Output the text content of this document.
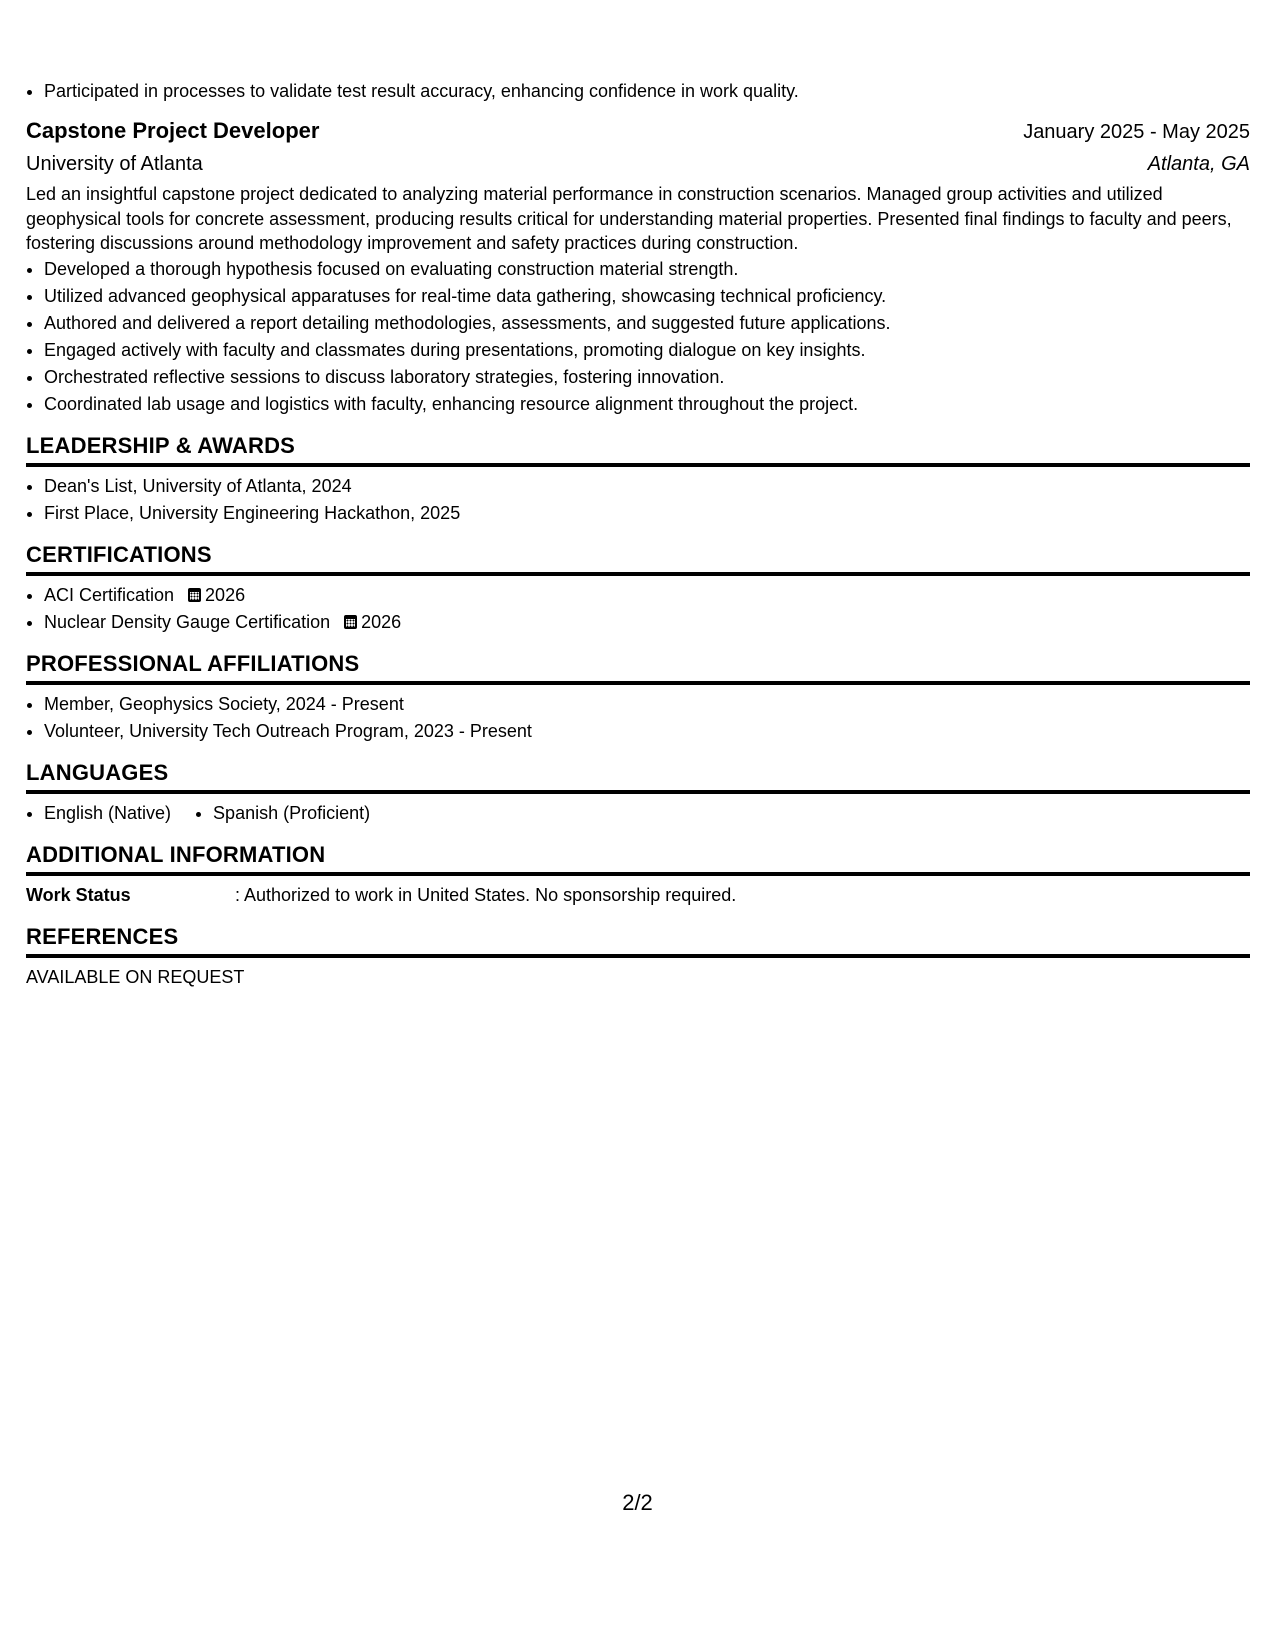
• Participated in processes to validate test result accuracy, enhancing confidence in work quality.
Capstone Project Developer	January 2025 - May 2025
University of Atlanta	Atlanta, GA
Led an insightful capstone project dedicated to analyzing material performance in construction scenarios. Managed group activities and utilized geophysical tools for concrete assessment, producing results critical for understanding material properties. Presented final findings to faculty and peers, fostering discussions around methodology improvement and safety practices during construction.
• Developed a thorough hypothesis focused on evaluating construction material strength.
• Utilized advanced geophysical apparatuses for real-time data gathering, showcasing technical proficiency.
• Authored and delivered a report detailing methodologies, assessments, and suggested future applications.
• Engaged actively with faculty and classmates during presentations, promoting dialogue on key insights.
• Orchestrated reflective sessions to discuss laboratory strategies, fostering innovation.
• Coordinated lab usage and logistics with faculty, enhancing resource alignment throughout the project.
LEADERSHIP & AWARDS
• Dean's List, University of Atlanta, 2024
• First Place, University Engineering Hackathon, 2025
CERTIFICATIONS
• ACI Certification 2026
• Nuclear Density Gauge Certification 2026
PROFESSIONAL AFFILIATIONS
• Member, Geophysics Society, 2024 - Present
• Volunteer, University Tech Outreach Program, 2023 - Present
LANGUAGES
• English (Native)
• Spanish (Proficient)
ADDITIONAL INFORMATION
Work Status	: Authorized to work in United States. No sponsorship required.
REFERENCES
AVAILABLE ON REQUEST
2/2
